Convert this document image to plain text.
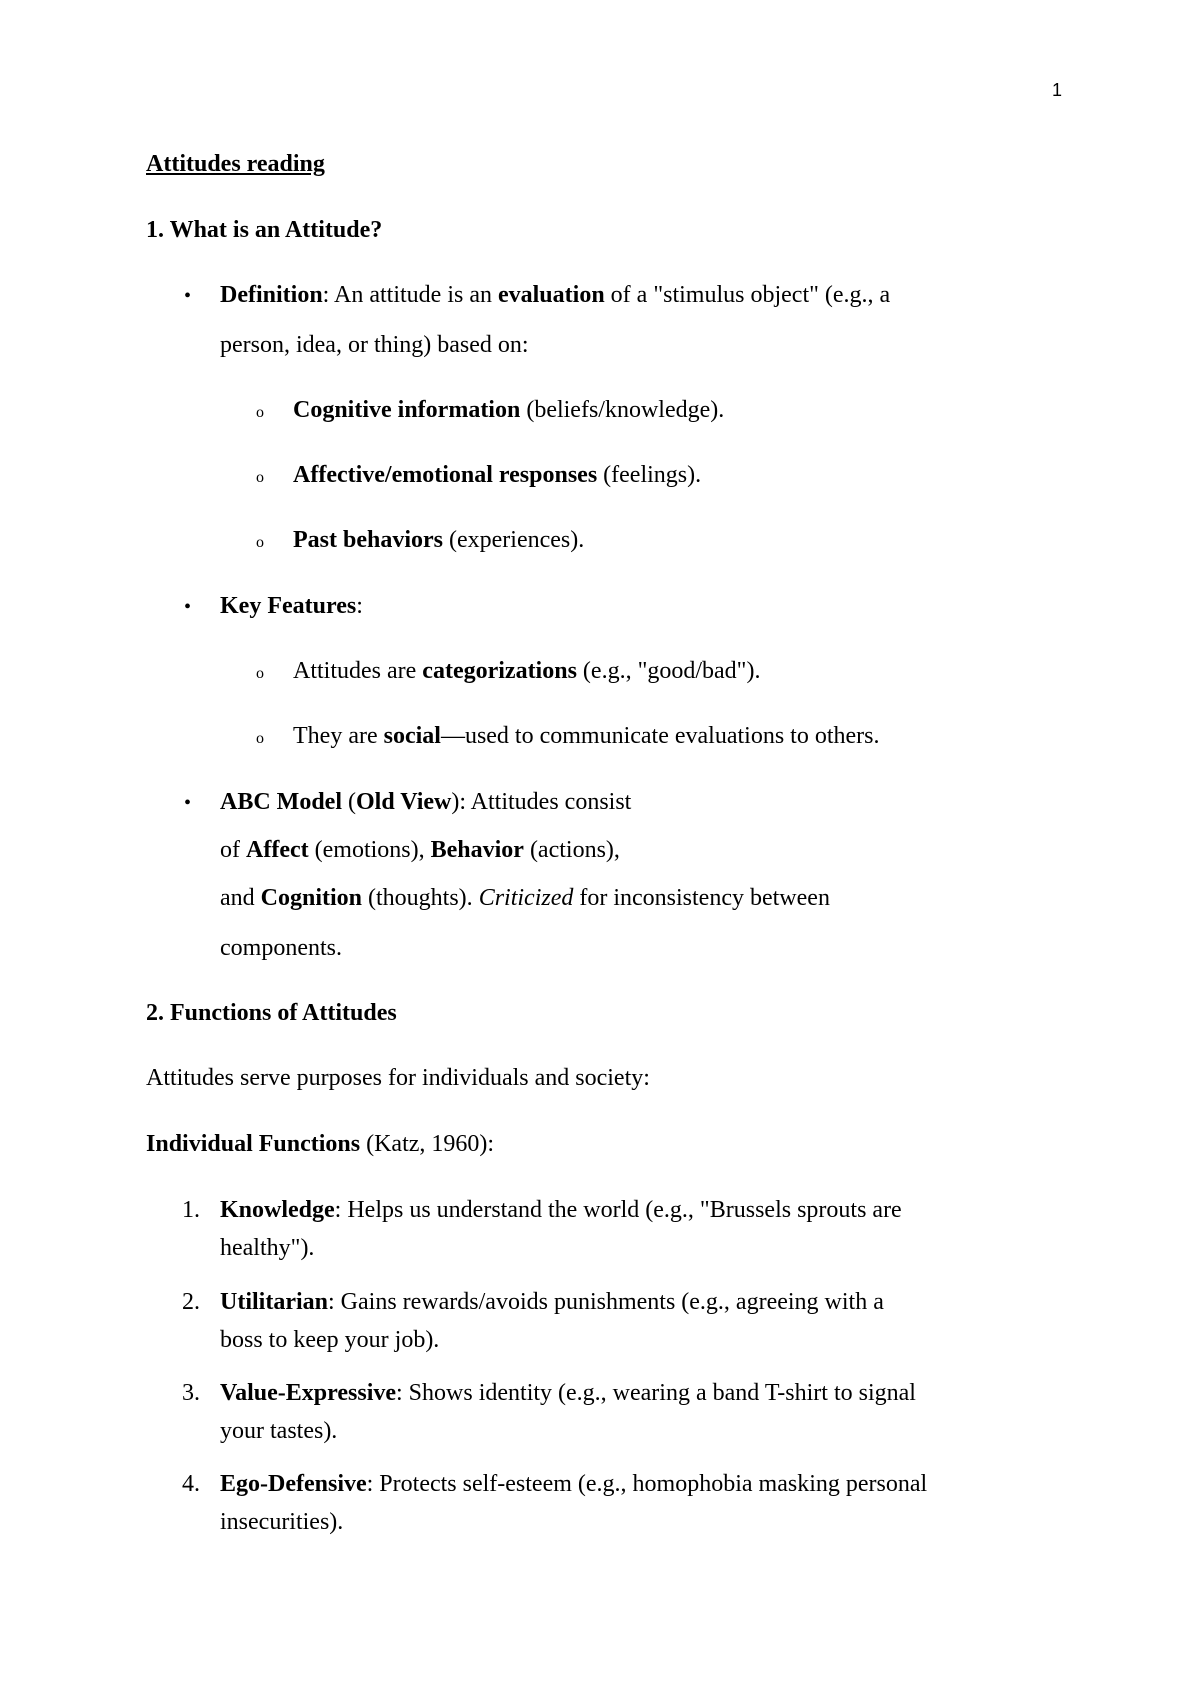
1
Attitudes reading
1. What is an Attitude?
• Definition: An attitude is an evaluation of a "stimulus object" (e.g., a
person, idea, or thing) based on:
o Cognitive information (beliefs/knowledge).
o Affective/emotional responses (feelings).
o Past behaviors (experiences).
• Key Features:
o Attitudes are categorizations (e.g., "good/bad").
o They are social—used to communicate evaluations to others.
• ABC Model (Old View): Attitudes consist
of Affect (emotions), Behavior (actions),
and Cognition (thoughts). Criticized for inconsistency between
components.
2. Functions of Attitudes
Attitudes serve purposes for individuals and society:
Individual Functions (Katz, 1960):
1. Knowledge: Helps us understand the world (e.g., "Brussels sprouts are
healthy").
2. Utilitarian: Gains rewards/avoids punishments (e.g., agreeing with a
boss to keep your job).
3. Value-Expressive: Shows identity (e.g., wearing a band T-shirt to signal
your tastes).
4. Ego-Defensive: Protects self-esteem (e.g., homophobia masking personal
insecurities).
